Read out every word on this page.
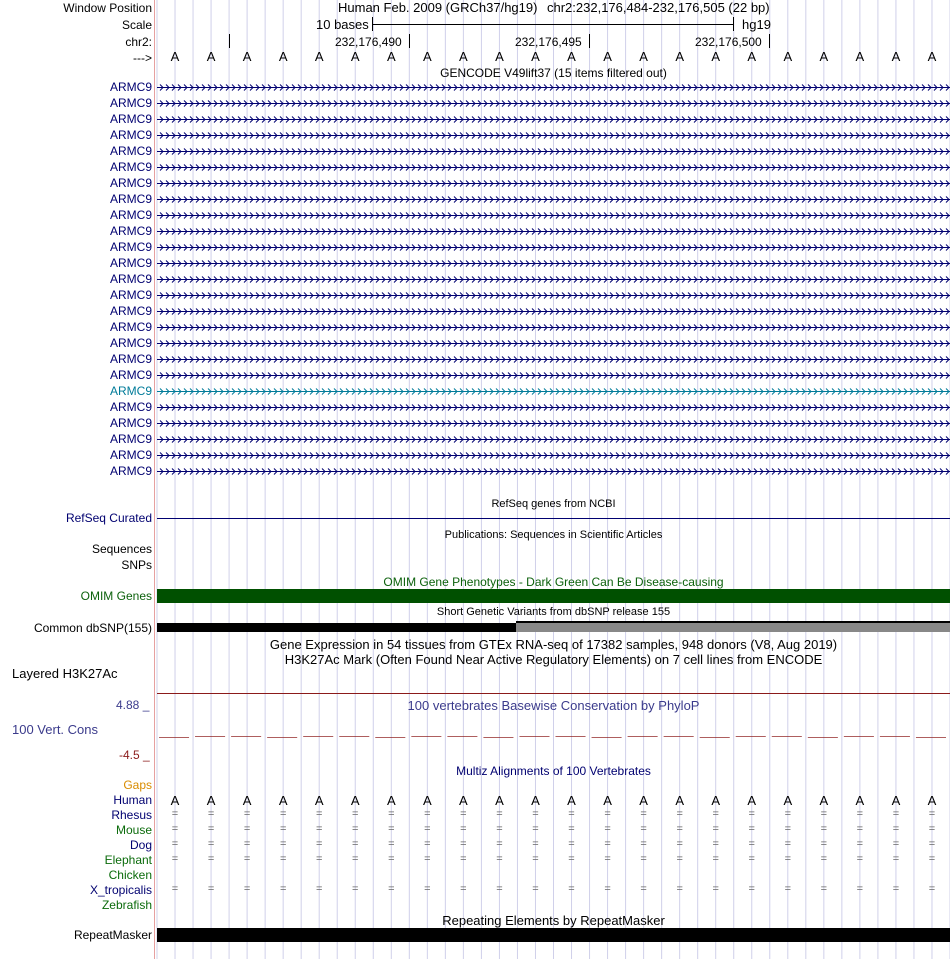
Window Position
Scale
chr2:
--->
Human Feb. 2009 (GRCh37/hg19) chr2:232,176,484-232,176,505 (22 bp)
10 bases	hg19
232,176,490	232,176,495	232,176,500
A A A A A A A A A A A A A A A A A A A A A A
GENCODE V49lift37 (15 items filtered out)
ARMC9
ARMC9
ARMC9
ARMC9
ARMC9
ARMC9
ARMC9
ARMC9
ARMC9
ARMC9
ARMC9
ARMC9
ARMC9
ARMC9
ARMC9
ARMC9
ARMC9
ARMC9
ARMC9
ARMC9
ARMC9
ARMC9
ARMC9
ARMC9
ARMC9
RefSeq genes from NCBI
RefSeq Curated
Publications: Sequences in Scientific Articles
Sequences
SNPs
OMIM Gene Phenotypes - Dark Green Can Be Disease-causing
OMIM Genes
Short Genetic Variants from dbSNP release 155
Common dbSNP(155)
Gene Expression in 54 tissues from GTEx RNA-seq of 17382 samples, 948 donors (V8, Aug 2019)
H3K27Ac Mark (Often Found Near Active Regulatory Elements) on 7 cell lines from ENCODE
Layered H3K27Ac
100 vertebrates Basewise Conservation by PhyloP
4.88 _
100 Vert. Cons
-4.5 _
Multiz Alignments of 100 Vertebrates
Gaps
Human A A A A A A A A A A A A A A A A A A A A A A
Rhesus =	=	=	=	=	=	=	=	=	=	=	=	=	=	=	=	=	=	=	=	=	=
Mouse =	=	=	=	=	=	=	=	=	=	=	=	=	=	=	=	=	=	=	=	=	=
Dog =	=	=	=	=	=	=	=	=	=	=	=	=	=	=	=	=	=	=	=	=	=
Elephant =	=	=	=	=	=	=	=	=	=	=	=	=	=	=	=	=	=	=	=	=	=
Chicken
X_tropicalis =	=	=	=	=	=	=	=	=	=	=	=	=	=	=	=	=	=	=	=	=	=
Zebrafish
Repeating Elements by RepeatMasker
RepeatMasker
